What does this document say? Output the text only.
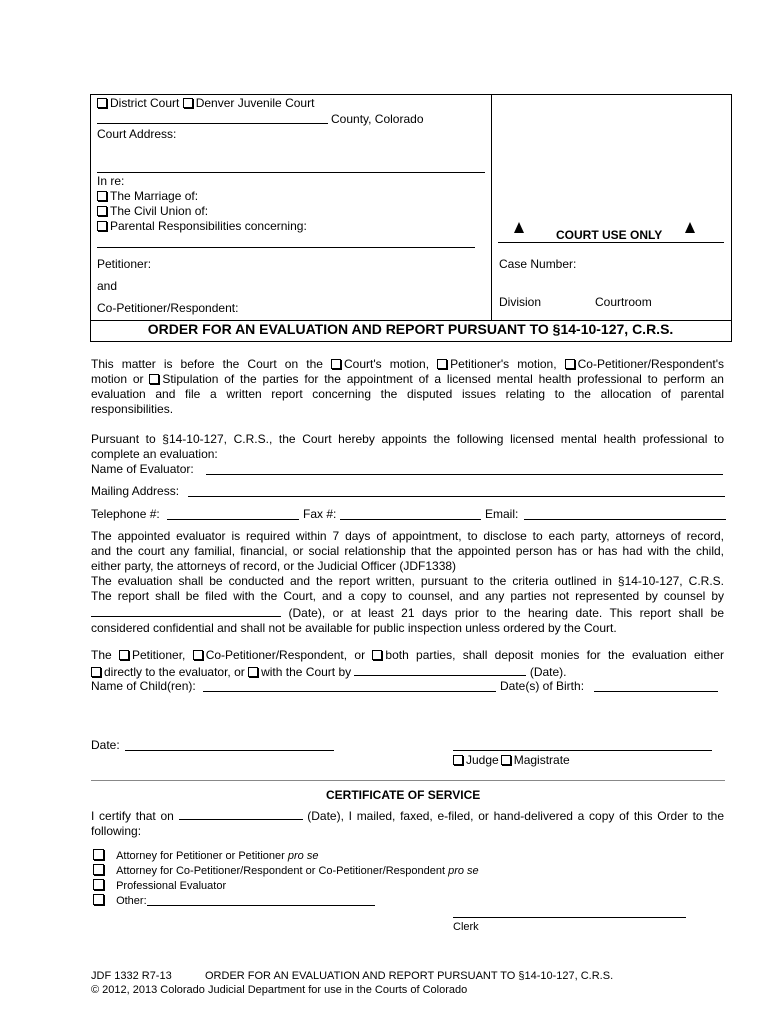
District Court Denver Juvenile Court
County, Colorado
Court Address:
In re:
The Marriage of:
The Civil Union of:
Parental Responsibilities concerning:
Petitioner:
and
Co-Petitioner/Respondent:
COURT USE ONLY
Case Number:
Division	Courtroom
ORDER FOR AN EVALUATION AND REPORT PURSUANT TO §14-10-127, C.R.S.
This matter is before the Court on the Court's motion, Petitioner's motion, Co-Petitioner/Respondent's
motion or Stipulation of the parties for the appointment of a licensed mental health professional to perform an
evaluation and file a written report concerning the disputed issues relating to the allocation of parental
responsibilities.
Pursuant to §14-10-127, C.R.S., the Court hereby appoints the following licensed mental health professional to
complete an evaluation:
Name of Evaluator:
Mailing Address:
Telephone #:	Fax #:	Email:
The appointed evaluator is required within 7 days of appointment, to disclose to each party, attorneys of record,
and the court any familial, financial, or social relationship that the appointed person has or has had with the child,
either party, the attorneys of record, or the Judicial Officer (JDF1338)
The evaluation shall be conducted and the report written, pursuant to the criteria outlined in §14-10-127, C.R.S.
The report shall be filed with the Court, and a copy to counsel, and any parties not represented by counsel by
(Date), or at least 21 days prior to the hearing date. This report shall be
considered confidential and shall not be available for public inspection unless ordered by the Court.
The Petitioner, Co-Petitioner/Respondent, or both parties, shall deposit monies for the evaluation either
directly to the evaluator, or with the Court by	(Date).
Name of Child(ren):	Date(s) of Birth:
Date:
Judge Magistrate
CERTIFICATE OF SERVICE
I certify that on	(Date), I mailed, faxed, e-filed, or hand-delivered a copy of this Order to the
following:
Attorney for Petitioner or Petitioner pro se
Attorney for Co-Petitioner/Respondent or Co-Petitioner/Respondent pro se
Professional Evaluator
Other:
Clerk
JDF 1332 R7-13	ORDER FOR AN EVALUATION AND REPORT PURSUANT TO §14-10-127, C.R.S.
© 2012, 2013 Colorado Judicial Department for use in the Courts of Colorado
